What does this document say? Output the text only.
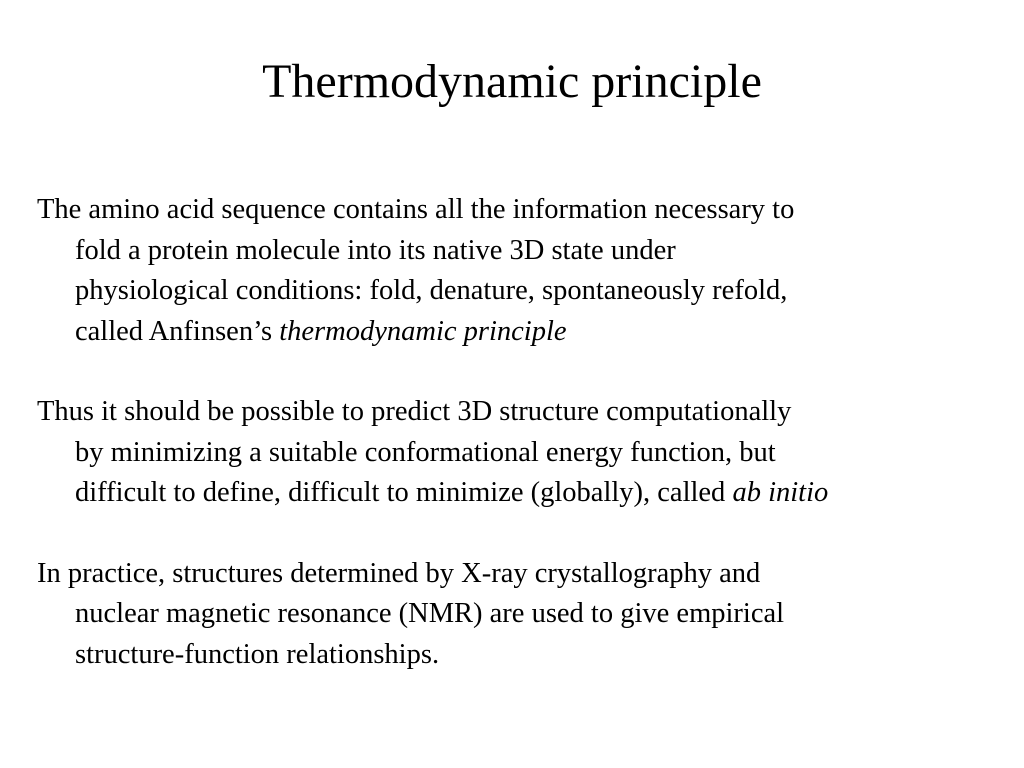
Thermodynamic principle

The amino acid sequence contains all the information necessary to
fold a protein molecule into its native 3D state under
physiological conditions: fold, denature, spontaneously refold,
called Anfinsen’s thermodynamic principle

Thus it should be possible to predict 3D structure computationally
by minimizing a suitable conformational energy function, but
difficult to define, difficult to minimize (globally), called ab initio

In practice, structures determined by X-ray crystallography and
nuclear magnetic resonance (NMR) are used to give empirical
structure-function relationships.
